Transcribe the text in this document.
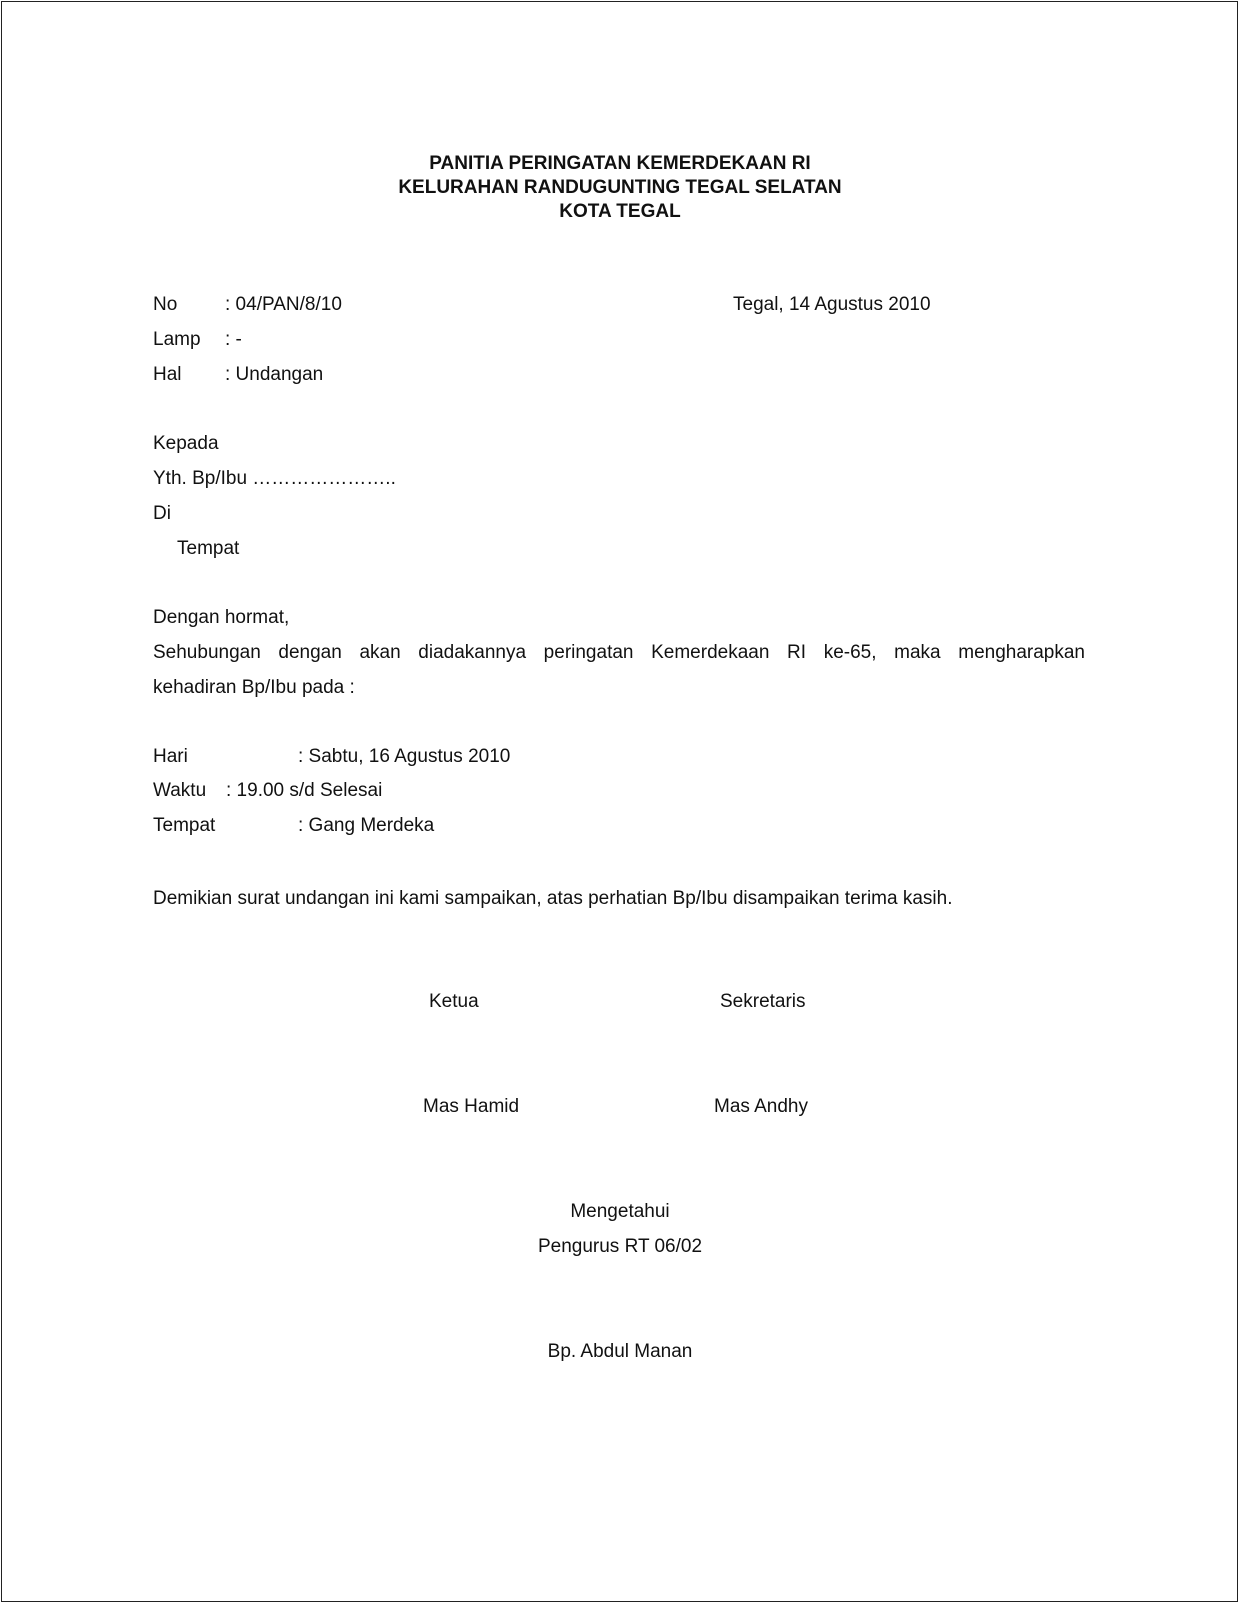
PANITIA PERINGATAN KEMERDEKAAN RI
KELURAHAN RANDUGUNTING TEGAL SELATAN
KOTA TEGAL
No	: 04/PAN/8/10	Tegal, 14 Agustus 2010
Lamp : -
Hal : Undangan
Kepada
Yth. Bp/Ibu …………………..
Di
Tempat
Dengan hormat,
Sehubungan dengan akan diadakannya peringatan Kemerdekaan RI ke-65, maka mengharapkan
kehadiran Bp/Ibu pada :
Hari	: Sabtu, 16 Agustus 2010
Waktu : 19.00 s/d Selesai
Tempat	: Gang Merdeka
Demikian surat undangan ini kami sampaikan, atas perhatian Bp/Ibu disampaikan terima kasih.
Ketua	Sekretaris
Mas Hamid	Mas Andhy
Mengetahui
Pengurus RT 06/02
Bp. Abdul Manan
